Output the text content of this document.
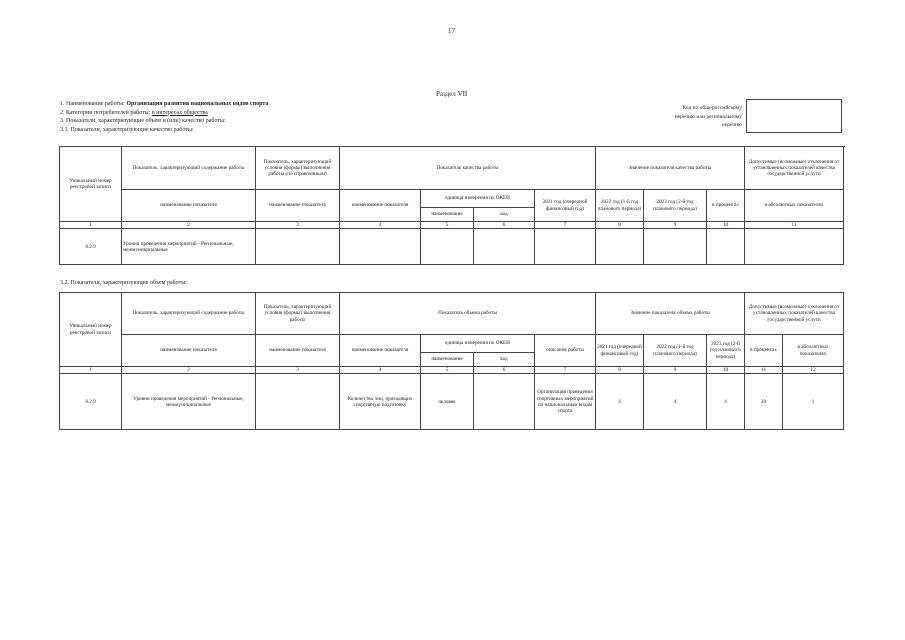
17
Раздел VII
1. Наименование работы: Организация развития национальных видов спорта
2. Категории потребителей работы: в интересах общества
3. Показатели, характеризующие объем и (или) качество работы:
3.1. Показатели, характеризующие качество работы:
Код по общероссийскому
перечню или региональному
перечню
Уникальный номер реестровой записи	Показатель, характеризующий содержание работы	Показатель, характеризующий условия (формы) выполнения работы (по справочникам)	Показатель качества работы				Значение показателя качества работы			Допустимые (возможные) отклонения от установленных показателей качества государственной услуги
	наименование показателя	наименование показателя	наименование показателя	единица измерения по ОКЕИ		2021 год (очередной финансовый год)	2022 год (1-й год планового периода)	2023 год (2-й год планового периода)	в процентах	в абсолютных показателях
				наименование	код					
1	2	3	4	5	6	7	8	9	10	11
8.2.9	Уровни проведения мероприятий - Региональные, межмуниципальные									
3.2. Показатели, характеризующие объем работы:
Уникальный номер реестровой записи	Показатель, характеризующий содержание работы	Показатель, характеризующий условия (формы) выполнения работы	Показатель объема работы				Значение показателя объема работы			Допустимые (возможные) отклонения от установленных показателей качества государственной услуги	
	наименование показателя	наименование показателя	наименование показателя	единица измерения по ОКЕИ		описание работы	2021 год (очередной финансовый год)	2022 год (1-й год планового периода)	2023 год (2-й год планового периода)	в процентах	в абсолютных показателях
				наименование	код						
1	2	3	4	5	6	7	8	9	10	11	12
8.2.9	Уровни проведения мероприятий - Региональные, межмуниципальные		Количество лиц, проходящих спортивную подготовку	человек		Организация проведения спортивных мероприятий по национальным видам спорта	4	4	4	20	1
